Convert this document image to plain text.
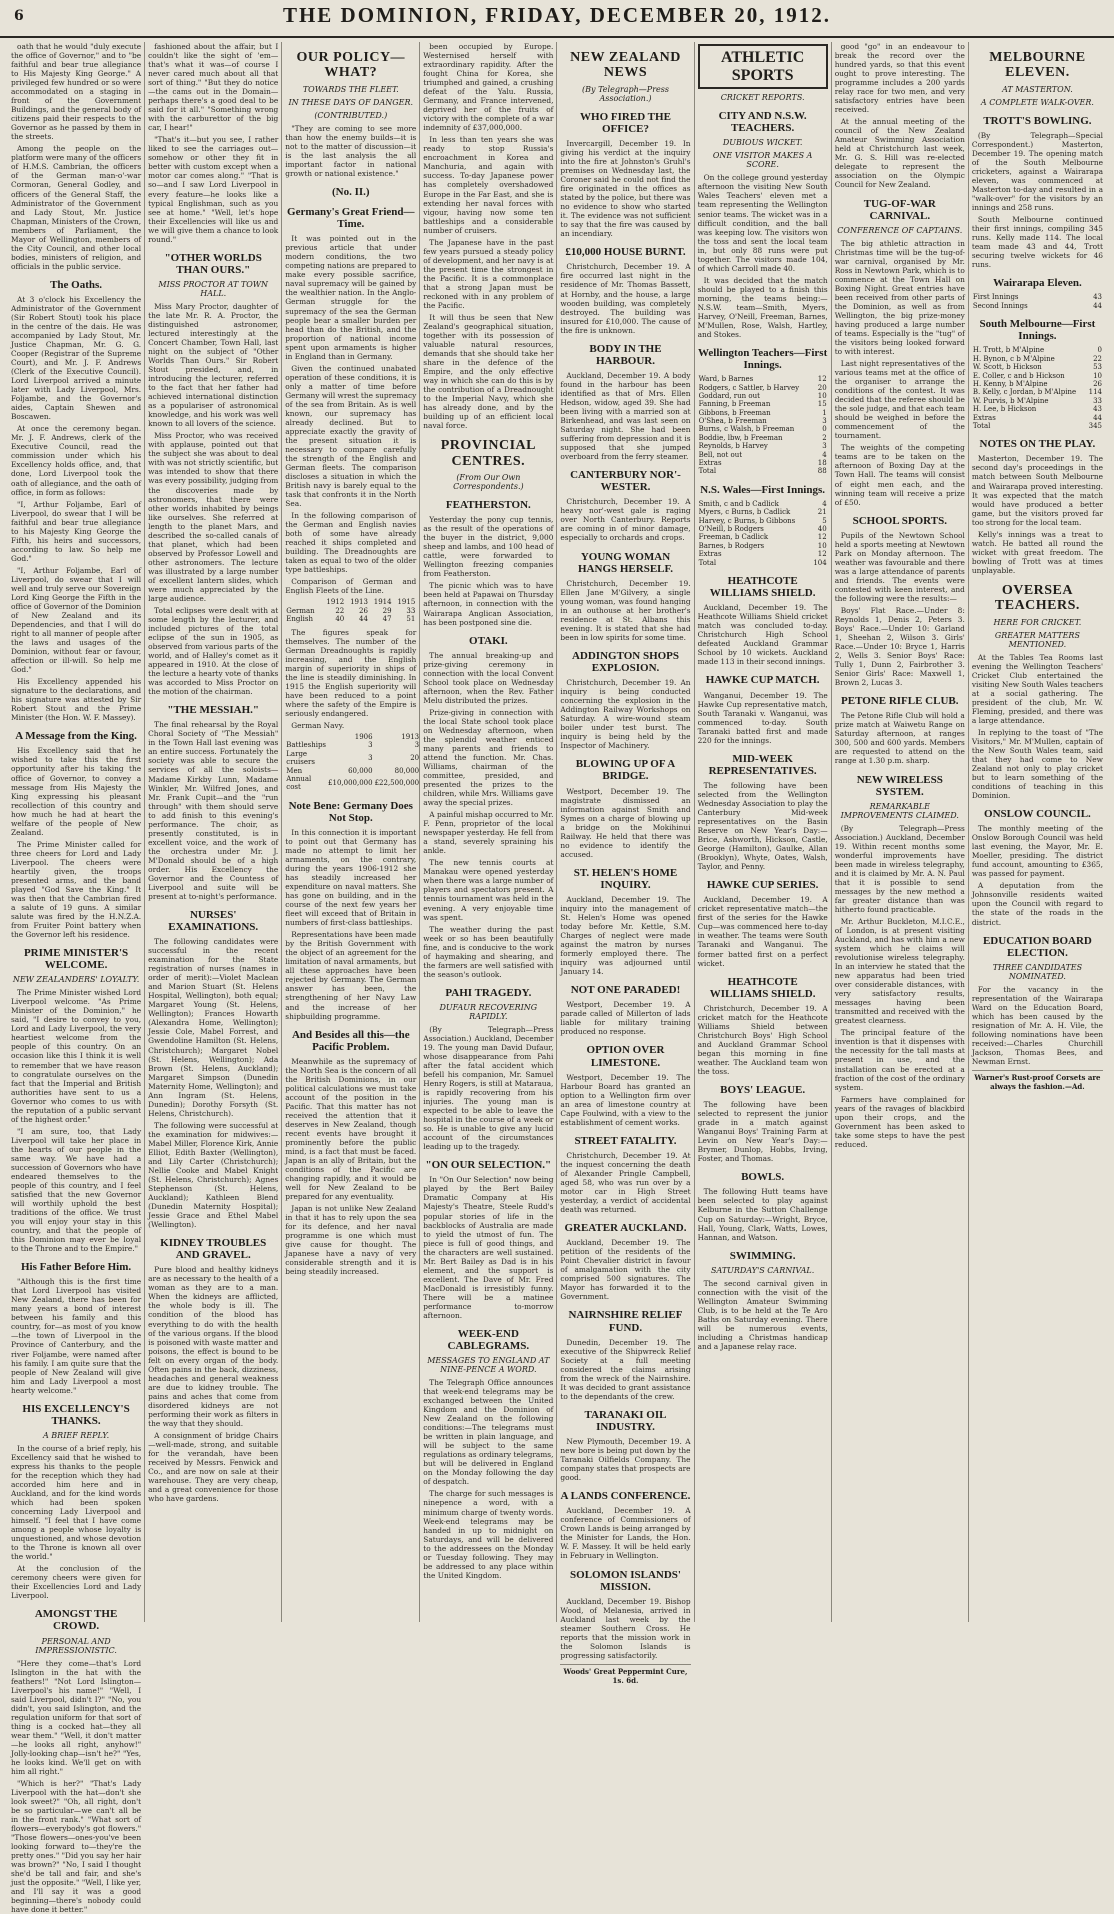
6	THE DOMINION, FRIDAY, DECEMBER 20, 1912.
oath that he would "duly execute the office of Governor," and to "be faithful and bear true allegiance to His Majesty King George." A privileged few hundred or so were accommodated on a staging in front of the Government Buildings, and the general body of citizens paid their respects to the Governor as he passed by them in the streets.
Among the people on the platform were many of the officers of H.M.S. Cambrian, the officers of the German man-o'-war Cormoran, General Godley, and officers of the General Staff, the Administrator of the Government and Lady Stout, Mr. Justice Chapman, Ministers of the Crown, members of Parliament, the Mayor of Wellington, members of the City Council, and other local bodies, ministers of religion, and officials in the public service.
The Oaths.
At 3 o'clock his Excellency the Administrator of the Government (Sir Robert Stout) took his place in the centre of the dais. He was accompanied by Lady Stout, Mr. Justice Chapman, Mr. G. G. Cooper (Registrar of the Supreme Court), and Mr. J. F. Andrews (Clerk of the Executive Council). Lord Liverpool arrived a minute later with Lady Liverpool, Mrs. Foljambe, and the Governor's aides, Captain Shewen and Boscawen.
At once the ceremony began. Mr. J. F. Andrews, clerk of the Executive Council, read the commission under which his Excellency holds office, and, that done, Lord Liverpool took the oath of allegiance, and the oath of office, in form as follows:
"I, Arthur Foljambe, Earl of Liverpool, do swear that I will be faithful and bear true allegiance to his Majesty King George the Fifth, his heirs and successors, according to law. So help me God."
"I, Arthur Foljambe, Earl of Liverpool, do swear that I will well and truly serve our Sovereign Lord King George the Fifth in the office of Governor of the Dominion of New Zealand and its Dependencies, and that I will do right to all manner of people after the laws and usages of the Dominion, without fear or favour, affection or ill-will. So help me God."
His Excellency appended his signature to the declarations, and his signature was attested by Sir Robert Stout and the Prime Minister (the Hon. W. F. Massey).
A Message from the King.
His Excellency said that he wished to take this the first opportunity after his taking the office of Governor, to convey a message from His Majesty the King expressing his pleasant recollection of this country and how much he had at heart the welfare of the people of New Zealand.
The Prime Minister called for three cheers for Lord and Lady Liverpool. The cheers were heartily given, the troops presented arms, and the band played "God Save the King." It was then that the Cambrian fired a salute of 19 guns. A similar salute was fired by the H.N.Z.A. from Fruiter Point battery when the Governor left his residence.
PRIME MINISTER'S WELCOME.
NEW ZEALANDERS' LOYALTY.
The Prime Minister wished Lord Liverpool welcome. "As Prime Minister of the Dominion," he said, "I desire to convey to you, Lord and Lady Liverpool, the very heartiest welcome from the people of this country. On an occasion like this I think it is well to remember that we have reason to congratulate ourselves on the fact that the Imperial and British authorities have sent to us a Governor who comes to us with the reputation of a public servant of the highest order."
"I am sure, too, that Lady Liverpool will take her place in the hearts of our people in the same way. We have had a succession of Governors who have endeared themselves to the people of this country, and I feel satisfied that the new Governor will worthily uphold the best traditions of the office. We trust you will enjoy your stay in this country, and that the people of this Dominion may ever be loyal to the Throne and to the Empire."
His Father Before Him.
"Although this is the first time that Lord Liverpool has visited New Zealand, there has been for many years a bond of interest between his family and this country, for—as most of you know—the town of Liverpool in the Province of Canterbury, and the river Foljambe, were named after his family. I am quite sure that the people of New Zealand will give him and Lady Liverpool a most hearty welcome."
HIS EXCELLENCY'S THANKS.
A BRIEF REPLY.
In the course of a brief reply, his Excellency said that he wished to express his thanks to the people for the reception which they had accorded him here and in Auckland, and for the kind words which had been spoken concerning Lady Liverpool and himself. "I feel that I have come among a people whose loyalty is unquestioned, and whose devotion to the Throne is known all over the world."
At the conclusion of the ceremony cheers were given for their Excellencies Lord and Lady Liverpool.
AMONGST THE CROWD.
PERSONAL AND IMPRESSIONISTIC.
"Here they come—that's Lord Islington in the hat with the feathers!" "Not Lord Islington—Liverpool's his name!" "Well, I said Liverpool, didn't I?" "No, you didn't, you said Islington, and the regulation uniform for that sort of thing is a cocked hat—they all wear them." "Well, it don't matter—he looks all right, anyhow!" Jolly-looking chap—isn't he?" "Yes, he looks kind. We'll get on with him all right."
"Which is her?" "That's Lady Liverpool with the hat—don't she look sweet?" "Oh, all right, don't be so particular—we can't all be in the front rank." "What sort of flowers—everybody's got flowers." "Those flowers—ones-you've been looking forward to—they're the pretty ones." "Did you say her hair was brown?" "No, I said I thought she'd be tall and fair, and she's just the opposite." "Well, I like yer, and I'll say it was a good beginning—there's nobody could have done it better."
fashioned about the affair, but I couldn't like the sight of 'em—that's what it was—of course I never cared much about all that sort of thing." "But they do notice—the cams out in the Domain—perhaps there's a good deal to be said for it all." "Something wrong with the carburettor of the big car, I hear!"
"That's it—but you see, I rather liked to see the carriages out—somehow or other they fit in better with custom except when a motor car comes along." "That is so—and I saw Lord Liverpool in every feature—he looks like a typical Englishman, such as you see at home." "Well, let's hope their Excellencies will like us and we will give them a chance to look round."
"OTHER WORLDS THAN OURS."
MISS PROCTOR AT TOWN HALL.
Miss Mary Proctor, daughter of the late Mr. R. A. Proctor, the distinguished astronomer, lectured interestingly at the Concert Chamber, Town Hall, last night on the subject of "Other Worlds Than Ours." Sir Robert Stout presided, and, in introducing the lecturer, referred to the fact that her father had achieved international distinction as a populariser of astronomical knowledge, and his work was well known to all lovers of the science.
Miss Proctor, who was received with applause, pointed out that the subject she was about to deal with was not strictly scientific, but was intended to show that there was every possibility, judging from the discoveries made by astronomers, that there were other worlds inhabited by beings like ourselves. She referred at length to the planet Mars, and described the so-called canals of that planet, which had been observed by Professor Lowell and other astronomers. The lecture was illustrated by a large number of excellent lantern slides, which were much appreciated by the large audience.
Total eclipses were dealt with at some length by the lecturer, and included pictures of the total eclipse of the sun in 1905, as observed from various parts of the world, and of Halley's comet as it appeared in 1910. At the close of the lecture a hearty vote of thanks was accorded to Miss Proctor on the motion of the chairman.
"THE MESSIAH."
The final rehearsal by the Royal Choral Society of "The Messiah" in the Town Hall last evening was an entire success. Fortunately the society was able to secure the services of all the soloists—Madame Kirkby Lunn, Madame Winkler, Mr. Wilfred Jones, and Mr. Frank Cupit—and the "run through" with them should serve to add finish to this evening's performance. The choir, as presently constituted, is in excellent voice, and the work of the orchestra under Mr. J. M'Donald should be of a high order. His Excellency the Governor and the Countess of Liverpool and suite will be present at to-night's performance.
NURSES' EXAMINATIONS.
The following candidates were successful in the recent examination for the State registration of nurses (names in order of merit):—Violet Maclean and Marion Stuart (St. Helens Hospital, Wellington), both equal; Margaret Young (St. Helens, Wellington); Frances Howarth (Alexandra Home, Wellington); Jessie Cole, Mabel Forrest, and Gwendoline Hamilton (St. Helens, Christchurch); Margaret Nobel (St. Helens, Wellington); Ada Brown (St. Helens, Auckland); Margaret Simpson (Dunedin Maternity Home, Wellington); and Ann Ingram (St. Helens, Dunedin); Dorothy Forsyth (St. Helens, Christchurch).
The following were successful at the examination for midwives:—Mabel Miller, Florence Kirk, Annie Elliot, Edith Baxter (Wellington), and Lily Carter (Christchurch); Nellie Cooke and Mabel Knight (St. Helens, Christchurch); Agnes Stephenson (St. Helens, Auckland); Kathleen Blend (Dunedin Maternity Hospital); Jessie Grace and Ethel Mabel (Wellington).
KIDNEY TROUBLES AND GRAVEL.
Pure blood and healthy kidneys are as necessary to the health of a woman as they are to a man. When the kidneys are afflicted, the whole body is ill. The condition of the blood has everything to do with the health of the various organs. If the blood is poisoned with waste matter and poisons, the effect is bound to be felt on every organ of the body. Often pains in the back, dizziness, headaches and general weakness are due to kidney trouble. The pains and aches that come from disordered kidneys are not performing their work as filters in the way that they should.
A consignment of bridge Chairs—well-made, strong, and suitable for the verandah, have been received by Messrs. Fenwick and Co., and are now on sale at their warehouse. They are very cheap, and a great convenience for those who have gardens.
OUR POLICY—WHAT?
TOWARDS THE FLEET.
IN THESE DAYS OF DANGER.
(CONTRIBUTED.)
"They are coming to see more than how the enemy builds—it is not to the matter of discussion—it is the last analysis the all important factor in national growth or national existence."
(No. II.)
Germany's Great Friend—Time.
It was pointed out in the previous article that under modern conditions, the two competing nations are prepared to make every possible sacrifice, naval supremacy will be gained by the wealthier nation. In the Anglo-German struggle for the supremacy of the sea the German people bear a smaller burden per head than do the British, and the proportion of national income spent upon armaments is higher in England than in Germany.
Given the continued unabated operation of these conditions, it is only a matter of time before Germany will wrest the supremacy of the sea from Britain. As is well known, our supremacy has already declined. But to appreciate exactly the gravity of the present situation it is necessary to compare carefully the strength of the English and German fleets. The comparison discloses a situation in which the British navy is barely equal to the task that confronts it in the North Sea.
In the following comparison of the German and English navies both of some have already reached it ships completed and building. The Dreadnoughts are taken as equal to two of the older type battleships.
Comparison of German and English Fleets of the Line.
	1912	1913	1914	1915
German	22	26	29	33
English	40	44	47	51
The figures speak for themselves. The number of the German Dreadnoughts is rapidly increasing, and the English margin of superiority in ships of the line is steadily diminishing. In 1915 the English superiority will have been reduced to a point where the safety of the Empire is seriously endangered.
German Navy.
	1906	1913
Battleships	3	3
Large cruisers	3	20
Men	60,000	80,000
Annual cost	£10,000,000	£22,500,000
Note Bene: Germany Does Not Stop.
In this connection it is important to point out that Germany has made no attempt to limit her armaments, on the contrary, during the years 1906-1912 she has steadily increased her expenditure on naval matters. She has gone on building, and in the course of the next few years her fleet will exceed that of Britain in numbers of first-class battleships.
Representations have been made by the British Government with the object of an agreement for the limitation of naval armaments, but all these approaches have been rejected by Germany. The German answer has been, the strengthening of her Navy Law and the increase of her shipbuilding programme.
And Besides all this—the Pacific Problem.
Meanwhile as the supremacy of the North Sea is the concern of all the British Dominions, in our political calculations we must take account of the position in the Pacific. That this matter has not received the attention that it deserves in New Zealand, though recent events have brought it prominently before the public mind, is a fact that must be faced. Japan is an ally of Britain, but the conditions of the Pacific are changing rapidly, and it would be well for New Zealand to be prepared for any eventuality.
Japan is not unlike New Zealand in that it has to rely upon the sea for its defence, and her naval programme is one which must give cause for thought. The Japanese have a navy of very considerable strength and it is being steadily increased.
been occupied by Europe. Westernised herself with extraordinary rapidity. After the fought China for Korea, she triumphed and gained, a crushing defeat of the Yalu. Russia, Germany, and France intervened, deprived her of the fruits of victory with the complete of a war indemnity of £37,000,000.
In less than ten years she was ready to stop Russia's encroachment in Korea and Manchuria, and again with success. To-day Japanese power has completely overshadowed Europe in the Far East, and she is extending her naval forces with vigour, having now some ten battleships and a considerable number of cruisers.
The Japanese have in the past few years pursued a steady policy of development, and her navy is at the present time the strongest in the Pacific. It is a commonplace that a strong Japan must be reckoned with in any problem of the Pacific.
It will thus be seen that New Zealand's geographical situation, together with its possession of valuable natural resources, demands that she should take her share in the defence of the Empire, and the only effective way in which she can do this is by the contribution of a Dreadnought to the Imperial Navy, which she has already done, and by the building up of an efficient local naval force.
PROVINCIAL CENTRES.
(From Our Own Correspondents.)
FEATHERSTON.
Yesterday the pony cup tennis, as the result of the operations of the buyer in the district, 9,000 sheep and lambs, and 100 head of cattle, were forwarded to Wellington freezing companies from Featherston.
The picnic which was to have been held at Papawai on Thursday afternoon, in connection with the Wairarapa Anglican Association, has been postponed sine die.
OTAKI.
The annual breaking-up and prize-giving ceremony in connection with the local Convent School took place on Wednesday afternoon, when the Rev. Father Melu distributed the prizes.
Prize-giving in connection with the local State school took place on Wednesday afternoon, when the splendid weather enticed many parents and friends to attend the function. Mr. Chas. Williams, chairman of the committee, presided, and presented the prizes to the children, while Mrs. Williams gave away the special prizes.
A painful mishap occurred to Mr. F. Penn, proprietor of the local newspaper yesterday. He fell from a stand, severely spraining his ankle.
The new tennis courts at Manakau were opened yesterday when there was a large number of players and spectators present. A tennis tournament was held in the evening. A very enjoyable time was spent.
The weather during the past week or so has been beautifully fine, and is conducive to the work of haymaking and shearing, and the farmers are well satisfied with the season's outlook.
PAHI TRAGEDY.
DUFAUR RECOVERING RAPIDLY.
(By Telegraph—Press Association.) Auckland, December 19. The young man David Dufaur, whose disappearance from Pahi after the fatal accident which befell his companion, Mr. Samuel Henry Rogers, is still at Mataraua, is rapidly recovering from his injuries. The young man is expected to be able to leave the hospital in the course of a week or so. He is unable to give any lucid account of the circumstances leading up to the tragedy.
"ON OUR SELECTION."
In "On Our Selection" now being played by the Bert Bailey Dramatic Company at His Majesty's Theatre, Steele Rudd's popular stories of life in the backblocks of Australia are made to yield the utmost of fun. The piece is full of good things, and the characters are well sustained. Mr. Bert Bailey as Dad is in his element, and the support is excellent. The Dave of Mr. Fred MacDonald is irresistibly funny. There will be a matinee performance to-morrow afternoon.
WEEK-END CABLEGRAMS.
MESSAGES TO ENGLAND AT NINE-PENCE A WORD.
The Telegraph Office announces that week-end telegrams may be exchanged between the United Kingdom and the Dominion of New Zealand on the following conditions:—The telegrams must be written in plain language, and will be subject to the same regulations as ordinary telegrams, but will be delivered in England on the Monday following the day of despatch.
The charge for such messages is ninepence a word, with a minimum charge of twenty words. Week-end telegrams may be handed in up to midnight on Saturdays, and will be delivered to the addressees on the Monday or Tuesday following. They may be addressed to any place within the United Kingdom.
NEW ZEALAND NEWS
(By Telegraph—Press Association.)
WHO FIRED THE OFFICE?
Invercargill, December 19. In giving his verdict at the inquiry into the fire at Johnston's Gruhl's premises on Wednesday last, the Coroner said he could not find the fire originated in the offices as stated by the police, but there was no evidence to show who started it. The evidence was not sufficient to say that the fire was caused by an incendiary.
£10,000 HOUSE BURNT.
Christchurch, December 19. A fire occurred last night in the residence of Mr. Thomas Bassett, at Hornby, and the house, a large wooden building, was completely destroyed. The building was insured for £10,000. The cause of the fire is unknown.
BODY IN THE HARBOUR.
Auckland, December 19. A body found in the harbour has been identified as that of Mrs. Ellen Hedson, widow, aged 39. She had been living with a married son at Birkenhead, and was last seen on Saturday night. She had been suffering from depression and it is supposed that she jumped overboard from the ferry steamer.
CANTERBURY NOR'-WESTER.
Christchurch, December 19. A heavy nor'-west gale is raging over North Canterbury. Reports are coming in of minor damage, especially to orchards and crops.
YOUNG WOMAN HANGS HERSELF.
Christchurch, December 19. Ellen Jane M'Gilvery, a single young woman, was found hanging in an outhouse at her brother's residence at St. Albans this evening. It is stated that she had been in low spirits for some time.
ADDINGTON SHOPS EXPLOSION.
Christchurch, December 19. An inquiry is being conducted concerning the explosion in the Addington Railway Workshops on Saturday. A wire-wound steam boiler under test burst. The inquiry is being held by the Inspector of Machinery.
BLOWING UP OF A BRIDGE.
Westport, December 19. The magistrate dismissed an information against Smith and Symes on a charge of blowing up a bridge on the Mokihinui Railway. He held that there was no evidence to identify the accused.
ST. HELEN'S HOME INQUIRY.
Auckland, December 19. The inquiry into the management of St. Helen's Home was opened today before Mr. Kettle, S.M. Charges of neglect were made against the matron by nurses formerly employed there. The inquiry was adjourned until January 14.
NOT ONE PARADED!
Westport, December 19. A parade called of Millerton of lads liable for military training produced no response.
OPTION OVER LIMESTONE.
Westport, December 19. The Harbour Board has granted an option to a Wellington firm over an area of limestone country at Cape Foulwind, with a view to the establishment of cement works.
STREET FATALITY.
Christchurch, December 19. At the inquest concerning the death of Alexander Pringle Campbell, aged 58, who was run over by a motor car in High Street yesterday, a verdict of accidental death was returned.
GREATER AUCKLAND.
Auckland, December 19. The petition of the residents of the Point Chevalier district in favour of amalgamation with the city comprised 500 signatures. The Mayor has forwarded it to the Government.
NAIRNSHIRE RELIEF FUND.
Dunedin, December 19. The executive of the Shipwreck Relief Society at a full meeting considered the claims arising from the wreck of the Nairnshire. It was decided to grant assistance to the dependants of the crew.
TARANAKI OIL INDUSTRY.
New Plymouth, December 19. A new bore is being put down by the Taranaki Oilfields Company. The company states that prospects are good.
A LANDS CONFERENCE.
Auckland, December 19. A conference of Commissioners of Crown Lands is being arranged by the Minister for Lands, the Hon. W. F. Massey. It will be held early in February in Wellington.
SOLOMON ISLANDS' MISSION.
Auckland, December 19. Bishop Wood, of Melanesia, arrived in Auckland last week by the steamer Southern Cross. He reports that the mission work in the Solomon Islands is progressing satisfactorily.
Woods' Great Peppermint Cure, 1s. 6d.
ATHLETIC SPORTS
CRICKET REPORTS.
CITY AND N.S.W. TEACHERS.
DUBIOUS WICKET.
ONE VISITOR MAKES A SCORE.
On the college ground yesterday afternoon the visiting New South Wales Teachers' eleven met a team representing the Wellington senior teams. The wicket was in a difficult condition, and the ball was keeping low. The visitors won the toss and sent the local team in, but only 88 runs were put together. The visitors made 104, of which Carroll made 40.
It was decided that the match should be played to a finish this morning, the teams being:—N.S.W. team—Smith, Myers, Harvey, O'Neill, Freeman, Barnes, M'Mullen, Rose, Walsh, Hartley, and Stokes.
Wellington Teachers—First Innings.
Ward, b Barnes	12
Rodgers, c Sattler, b Harvey	20
Goddard, run out	10
Fanning, b Freeman	15
Gibbons, b Freeman	1
O'Shea, b Freeman	3
Burns, c Walsh, b Freeman	0
Boddie, lbw, b Freeman	2
Reynolds, b Harvey	3
Bell, not out	4
Extras	18
Total	88
N.S. Wales—First Innings.
Smith, c and b Cadlick	4
Myers, c Burns, b Cadlick	21
Harvey, c Burns, b Gibbons	5
O'Neill, b Rodgers	40
Freeman, b Cadlick	12
Barnes, b Rodgers	10
Extras	12
Total	104
HEATHCOTE WILLIAMS SHIELD.
Auckland, December 19. The Heathcote Williams Shield cricket match was concluded to-day. Christchurch High School defeated Auckland Grammar School by 10 wickets. Auckland made 113 in their second innings.
HAWKE CUP MATCH.
Wanganui, December 19. The Hawke Cup representative match, South Taranaki v. Wanganui, was commenced to-day. South Taranaki batted first and made 220 for the innings.
MID-WEEK REPRESENTATIVES.
The following have been selected from the Wellington Wednesday Association to play the Canterbury Mid-week representatives on the Basin Reserve on New Year's Day:—Brice, Ashworth, Hickson, Castle, George (Hamilton), Gaulke, Allan (Brooklyn), Whyte, Oates, Walsh, Taylor, and Penny.
HAWKE CUP SERIES.
Auckland, December 19. A cricket representative match—the first of the series for the Hawke Cup—was commenced here to-day in weather. The teams were South Taranaki and Wanganui. The former batted first on a perfect wicket.
HEATHCOTE WILLIAMS SHIELD.
Christchurch, December 19. A cricket match for the Heathcote Williams Shield between Christchurch Boys' High School and Auckland Grammar School began this morning in fine weather. The Auckland team won the toss.
BOYS' LEAGUE.
The following have been selected to represent the junior grade in a match against Wanganui Boys' Training Farm at Levin on New Year's Day:—Brymer, Dunlop, Hobbs, Irving, Foster, and Thomas.
BOWLS.
The following Hutt teams have been selected to play against Kelburne in the Sutton Challenge Cup on Saturday:—Wright, Bryce, Hall, Young, Clark, Watts, Lowes, Hannan, and Watson.
SWIMMING.
SATURDAY'S CARNIVAL.
The second carnival given in connection with the visit of the Wellington Amateur Swimming Club, is to be held at the Te Aro Baths on Saturday evening. There will be numerous events, including a Christmas handicap and a Japanese relay race.
good "go" in an endeavour to break the record over the hundred yards, so that this event ought to prove interesting. The programme includes a 200 yards relay race for two men, and very satisfactory entries have been received.
At the annual meeting of the council of the New Zealand Amateur Swimming Association held at Christchurch last week, Mr. G. S. Hill was re-elected delegate to represent the association on the Olympic Council for New Zealand.
TUG-OF-WAR CARNIVAL.
CONFERENCE OF CAPTAINS.
The big athletic attraction in Christmas time will be the tug-of-war carnival, organised by Mr. Ross in Newtown Park, which is to commence at the Town Hall on Boxing Night. Great entries have been received from other parts of the Dominion, as well as from Wellington, the big prize-money having produced a large number of teams. Especially is the "tug" of the visitors being looked forward to with interest.
Last night representatives of the various teams met at the office of the organiser to arrange the conditions of the contest. It was decided that the referee should be the sole judge, and that each team should be weighed in before the commencement of the tournament.
The weights of the competing teams are to be taken on the afternoon of Boxing Day at the Town Hall. The teams will consist of eight men each, and the winning team will receive a prize of £50.
SCHOOL SPORTS.
Pupils of the Newtown School held a sports meeting at Newtown Park on Monday afternoon. The weather was favourable and there was a large attendance of parents and friends. The events were contested with keen interest, and the following were the results:—
Boys' Flat Race.—Under 8: Reynolds 1, Denis 2, Peters 3. Boys' Race.—Under 10: Garland 1, Sheehan 2, Wilson 3. Girls' Race.—Under 10: Bryce 1, Harris 2, Wells 3. Senior Boys' Race: Tully 1, Dunn 2, Fairbrother 3. Senior Girls' Race: Maxwell 1, Brown 2, Lucas 3.
PETONE RIFLE CLUB.
The Petone Rifle Club will hold a prize match at Waiwetu Range on Saturday afternoon, at ranges 300, 500 and 600 yards. Members are requested to attend on the range at 1.30 p.m. sharp.
NEW WIRELESS SYSTEM.
REMARKABLE IMPROVEMENTS CLAIMED.
(By Telegraph—Press Association.) Auckland, December 19. Within recent months some wonderful improvements have been made in wireless telegraphy, and it is claimed by Mr. A. N. Paul that it is possible to send messages by the new method a far greater distance than was hitherto found practicable.
Mr. Arthur Buckleton, M.I.C.E., of London, is at present visiting Auckland, and has with him a new system which he claims will revolutionise wireless telegraphy. In an interview he stated that the new apparatus had been tried over considerable distances, with very satisfactory results, messages having been transmitted and received with the greatest clearness.
The principal feature of the invention is that it dispenses with the necessity for the tall masts at present in use, and the installation can be erected at a fraction of the cost of the ordinary system.
Farmers have complained for years of the ravages of blackbird upon their crops, and the Government has been asked to take some steps to have the pest reduced.
MELBOURNE ELEVEN.
AT MASTERTON.
A COMPLETE WALK-OVER.
TROTT'S BOWLING.
(By Telegraph—Special Correspondent.) Masterton, December 19. The opening match of the South Melbourne cricketers, against a Wairarapa eleven, was commenced at Masterton to-day and resulted in a "walk-over" for the visitors by an innings and 258 runs.
South Melbourne continued their first innings, compiling 345 runs. Kelly made 114. The local team made 43 and 44, Trott securing twelve wickets for 46 runs.
Wairarapa Eleven.
First Innings	43
Second Innings	44
South Melbourne—First Innings.
H. Trott, b M'Alpine	0
H. Bynon, c b M'Alpine	22
W. Scott, b Hickson	53
E. Coller, c and b Hickson	10
H. Kenny, b M'Alpine	26
B. Kelly, c Jordan, b M'Alpine	114
W. Purvis, b M'Alpine	33
H. Lee, b Hickson	43
Extras	44
Total	345
NOTES ON THE PLAY.
Masterton, December 19. The second day's proceedings in the match between South Melbourne and Wairarapa proved interesting. It was expected that the match would have produced a better game, but the visitors proved far too strong for the local team.
Kelly's innings was a treat to watch. He batted all round the wicket with great freedom. The bowling of Trott was at times unplayable.
OVERSEA TEACHERS.
HERE FOR CRICKET.
GREATER MATTERS MENTIONED.
At the Tables Tea Rooms last evening the Wellington Teachers' Cricket Club entertained the visiting New South Wales teachers at a social gathering. The president of the club, Mr. W. Fleming, presided, and there was a large attendance.
In replying to the toast of "The Visitors," Mr. M'Mullen, captain of the New South Wales team, said that they had come to New Zealand not only to play cricket but to learn something of the conditions of teaching in this Dominion.
ONSLOW COUNCIL.
The monthly meeting of the Onslow Borough Council was held last evening, the Mayor, Mr. E. Moeller, presiding. The district fund account, amounting to £365, was passed for payment.
A deputation from the Johnsonville residents waited upon the Council with regard to the state of the roads in the district.
EDUCATION BOARD ELECTION.
THREE CANDIDATES NOMINATED.
For the vacancy in the representation of the Wairarapa Ward on the Education Board, which has been caused by the resignation of Mr. A. H. Vile, the following nominations have been received:—Charles Churchill Jackson, Thomas Bees, and Newman Ernst.
Warner's Rust-proof Corsets are always the fashion.—Ad.
